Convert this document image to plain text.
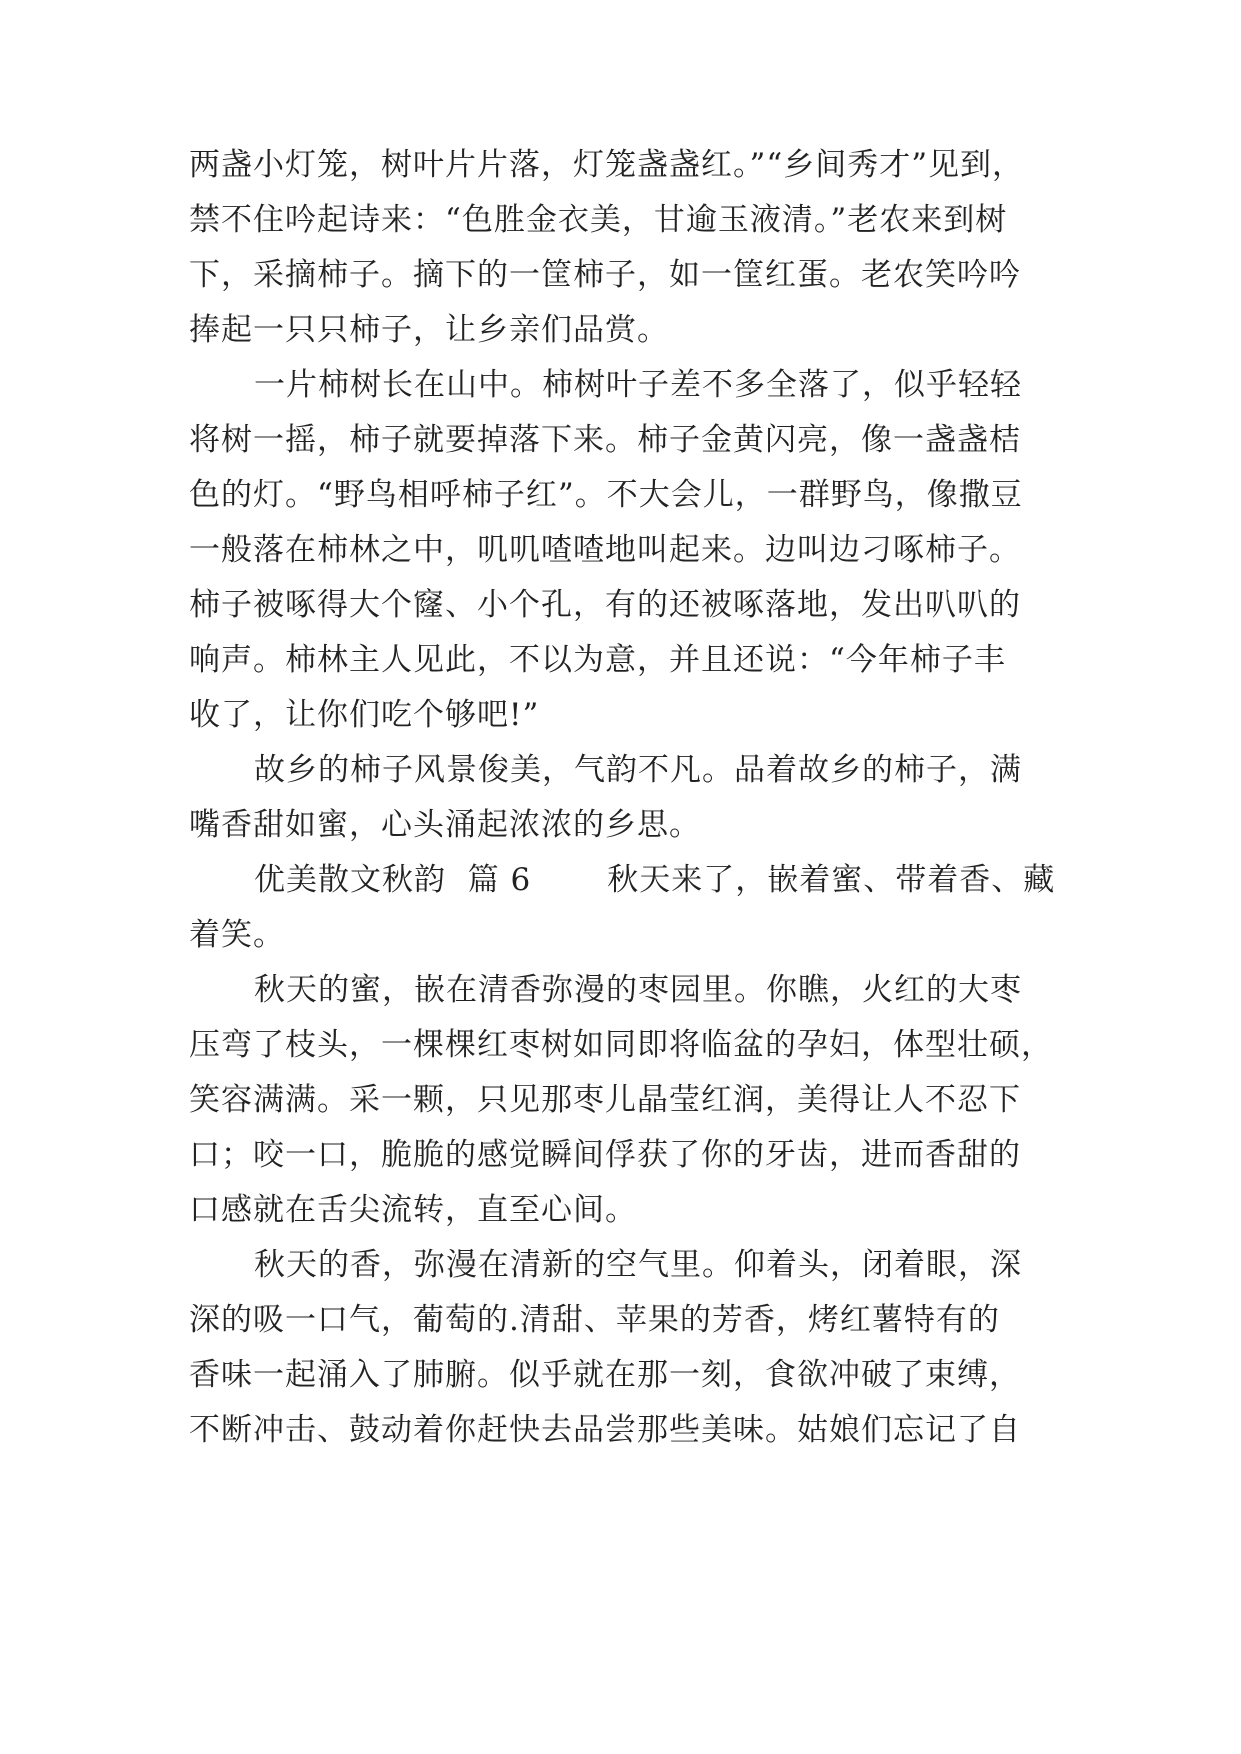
两盏小灯笼，树叶片片落，灯笼盏盏红。”“乡间秀才”见到，
禁不住吟起诗来：“色胜金衣美，甘逾玉液清。”老农来到树
下，采摘柿子。摘下的一筐柿子，如一筐红蛋。老农笑吟吟
捧起一只只柿子，让乡亲们品赏。
一片柿树长在山中。柿树叶子差不多全落了，似乎轻轻
将树一摇，柿子就要掉落下来。柿子金黄闪亮，像一盏盏桔
色的灯。“野鸟相呼柿子红”。不大会儿，一群野鸟，像撒豆
一般落在柿林之中，叽叽喳喳地叫起来。边叫边刁啄柿子。
柿子被啄得大个窿、小个孔，有的还被啄落地，发出叭叭的
响声。柿林主人见此，不以为意，并且还说：“今年柿子丰
收了，让你们吃个够吧!”
故乡的柿子风景俊美，气韵不凡。品着故乡的柿子，满
嘴香甜如蜜，心头涌起浓浓的乡思。
优美散文秋韵  篇 6       秋天来了，嵌着蜜、带着香、藏
着笑。
秋天的蜜，嵌在清香弥漫的枣园里。你瞧，火红的大枣
压弯了枝头，一棵棵红枣树如同即将临盆的孕妇，体型壮硕，
笑容满满。采一颗，只见那枣儿晶莹红润，美得让人不忍下
口；咬一口，脆脆的感觉瞬间俘获了你的牙齿，进而香甜的
口感就在舌尖流转，直至心间。
秋天的香，弥漫在清新的空气里。仰着头，闭着眼，深
深的吸一口气，葡萄的.清甜、苹果的芳香，烤红薯特有的
香味一起涌入了肺腑。似乎就在那一刻，食欲冲破了束缚，
不断冲击、鼓动着你赶快去品尝那些美味。姑娘们忘记了自
